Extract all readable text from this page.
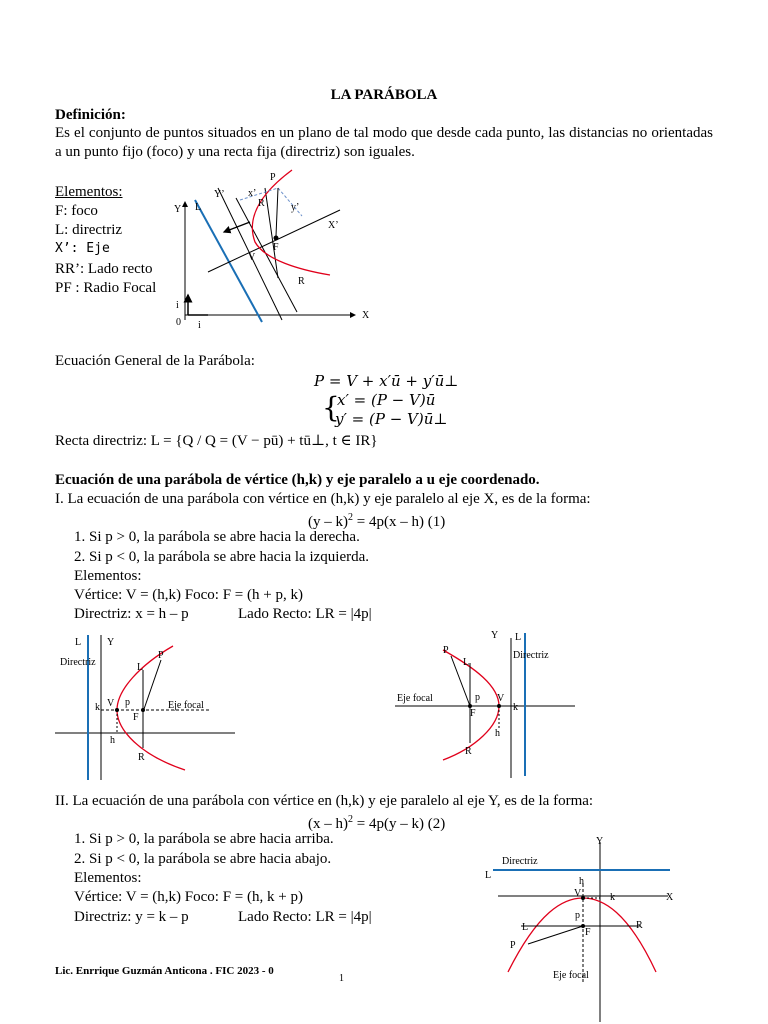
LA PARÁBOLA
Definición:
Es el conjunto de puntos situados en un plano de tal modo que desde cada punto, las distancias no orientadas a un punto fijo (foco) y una recta fija (directriz) son iguales.
Elementos:
F: foco
L: directriz
X’: Eje
RR’: Lado recto
PF : Radio Focal
Y L
Y’ x’
P
R	y’
X’
V
F
R
X
i
0 i
Ecuación General de la Parábola:
P = V + x′ū + y′ū⊥
{
x′ = (P − V)ū
y′ = (P − V)ū⊥
Recta directriz: L = {Q / Q = (V − pū) + tū⊥, t ∈ IR}
Ecuación de una parábola de vértice (h,k) y eje paralelo a u eje coordenado.
I. La ecuación de una parábola con vértice en (h,k) y eje paralelo al eje X, es de la forma:
(y – k)$^2$ = 4p(x – h) (1)
1. Si p > 0, la parábola se abre hacia la derecha.
2. Si p < 0, la parábola se abre hacia la izquierda.
Elementos:
Vértice: V = (h,k) Foco: F = (h + p, k)
Directriz: x = h – p	Lado Recto: LR = |4p|
L	Y
Directriz
P
L
k V p
F
Eje focal
h
R
Y L
P	Directriz
L
Eje focal	p V
k
F
h
R
II. La ecuación de una parábola con vértice en (h,k) y eje paralelo al eje Y, es de la forma:
(x – h)$^2$ = 4p(y – k) (2)
1. Si p > 0, la parábola se abre hacia arriba.
2. Si p < 0, la parábola se abre hacia abajo.
Elementos:
Vértice: V = (h,k) Foco: F = (h, k + p)
Directriz: y = k – p	Lado Recto: LR = |4p|
Y
Directriz
L
h
V	k	X
p
L	F
R
P
Eje focal
Lic. Enrrique Guzmán Anticona . FIC 2023 - 0
1
